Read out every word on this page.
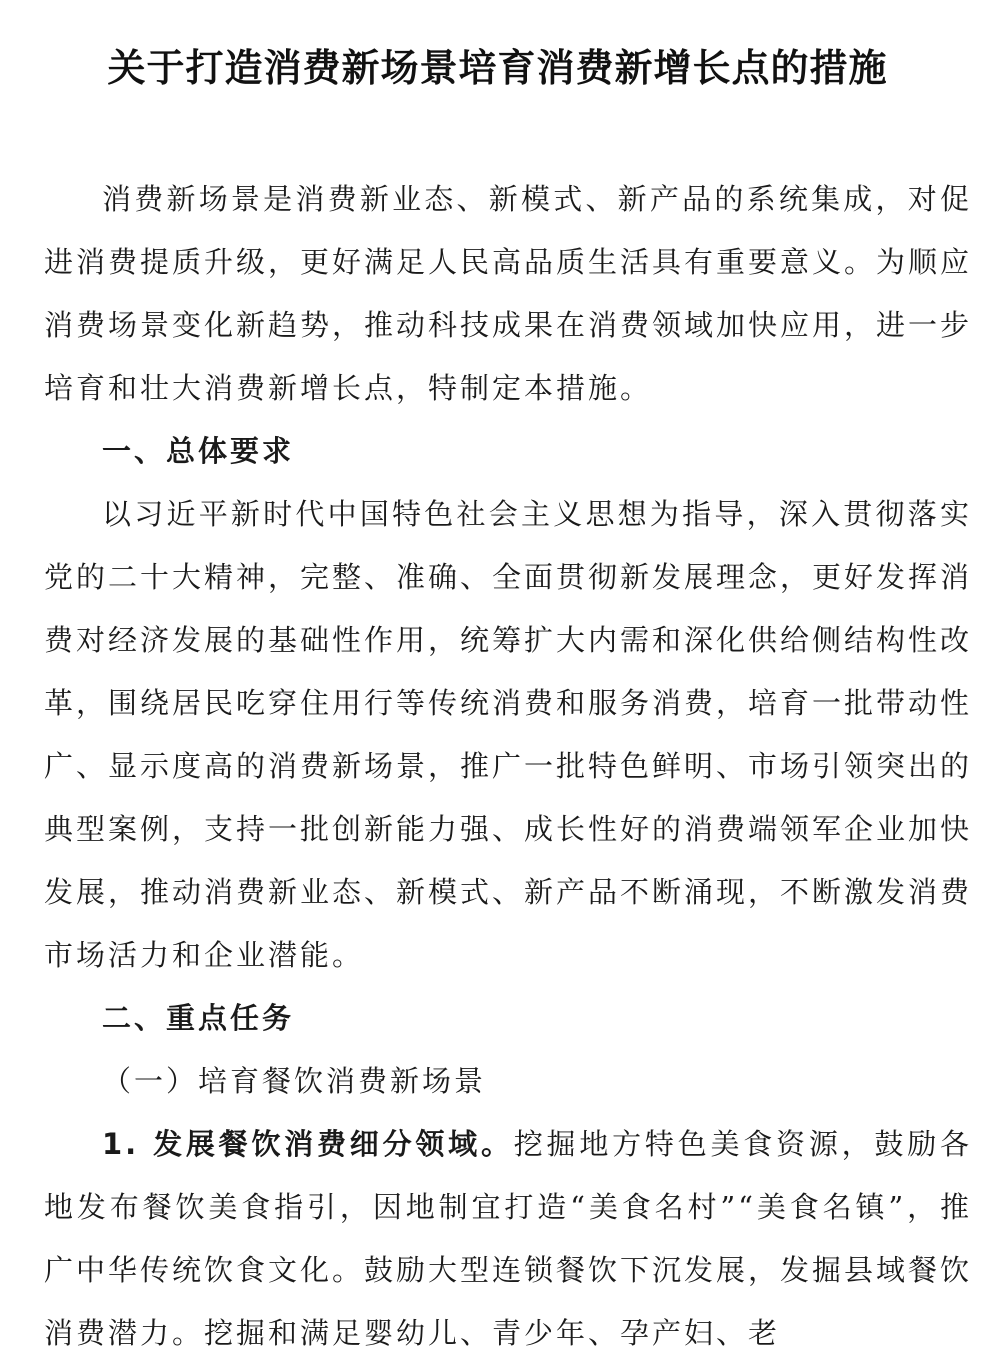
关于打造消费新场景培育消费新增长点的措施

消费新场景是消费新业态、新模式、新产品的系统集成，对促进消费提质升级，更好满足人民高品质生活具有重要意义。为顺应消费场景变化新趋势，推动科技成果在消费领域加快应用，进一步培育和壮大消费新增长点，特制定本措施。

一、总体要求

以习近平新时代中国特色社会主义思想为指导，深入贯彻落实党的二十大精神，完整、准确、全面贯彻新发展理念，更好发挥消费对经济发展的基础性作用，统筹扩大内需和深化供给侧结构性改革，围绕居民吃穿住用行等传统消费和服务消费，培育一批带动性广、显示度高的消费新场景，推广一批特色鲜明、市场引领突出的典型案例，支持一批创新能力强、成长性好的消费端领军企业加快发展，推动消费新业态、新模式、新产品不断涌现，不断激发消费市场活力和企业潜能。

二、重点任务

（一）培育餐饮消费新场景

1. 发展餐饮消费细分领域。挖掘地方特色美食资源，鼓励各地发布餐饮美食指引，因地制宜打造“美食名村”“美食名镇”，推广中华传统饮食文化。鼓励大型连锁餐饮下沉发展，发掘县域餐饮消费潜力。挖掘和满足婴幼儿、青少年、孕产妇、老
